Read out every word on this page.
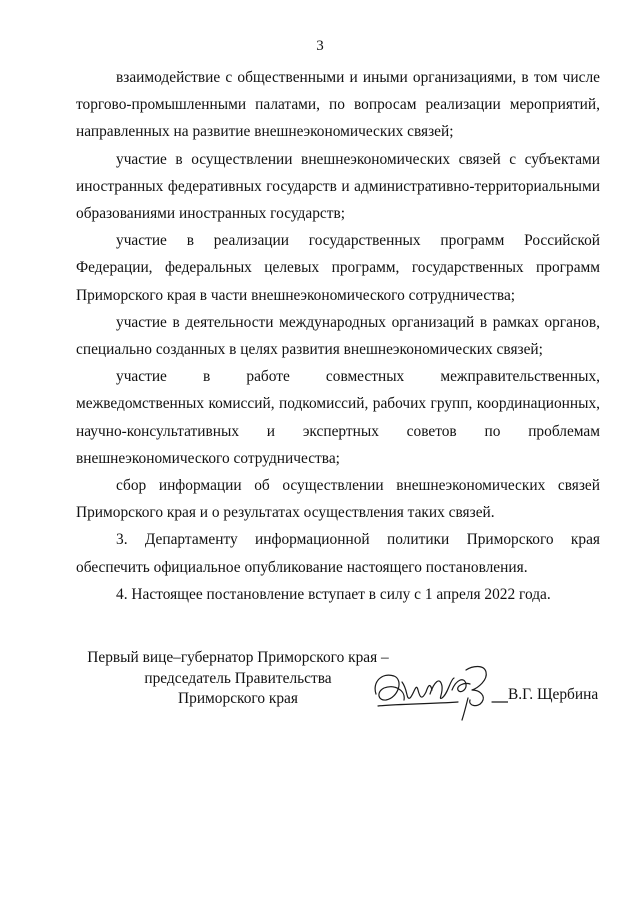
3

взаимодействие с общественными и иными организациями, в том числе торгово-промышленными палатами, по вопросам реализации мероприятий, направленных на развитие внешнеэкономических связей;

участие в осуществлении внешнеэкономических связей с субъектами иностранных федеративных государств и административно-территориальными образованиями иностранных государств;

участие в реализации государственных программ Российской Федерации, федеральных целевых программ, государственных программ Приморского края в части внешнеэкономического сотрудничества;

участие в деятельности международных организаций в рамках органов, специально созданных в целях развития внешнеэкономических связей;

участие в работе совместных межправительственных, межведомственных комиссий, подкомиссий, рабочих групп, координационных, научно-консультативных и экспертных советов по проблемам внешнеэкономического сотрудничества;

сбор информации об осуществлении внешнеэкономических связей Приморского края и о результатах осуществления таких связей.

3. Департаменту информационной политики Приморского края обеспечить официальное опубликование настоящего постановления.

4. Настоящее постановление вступает в силу с 1 апреля 2022 года.

Первый вице–губернатор Приморского края –
председатель Правительства
Приморского края	В.Г. Щербина
